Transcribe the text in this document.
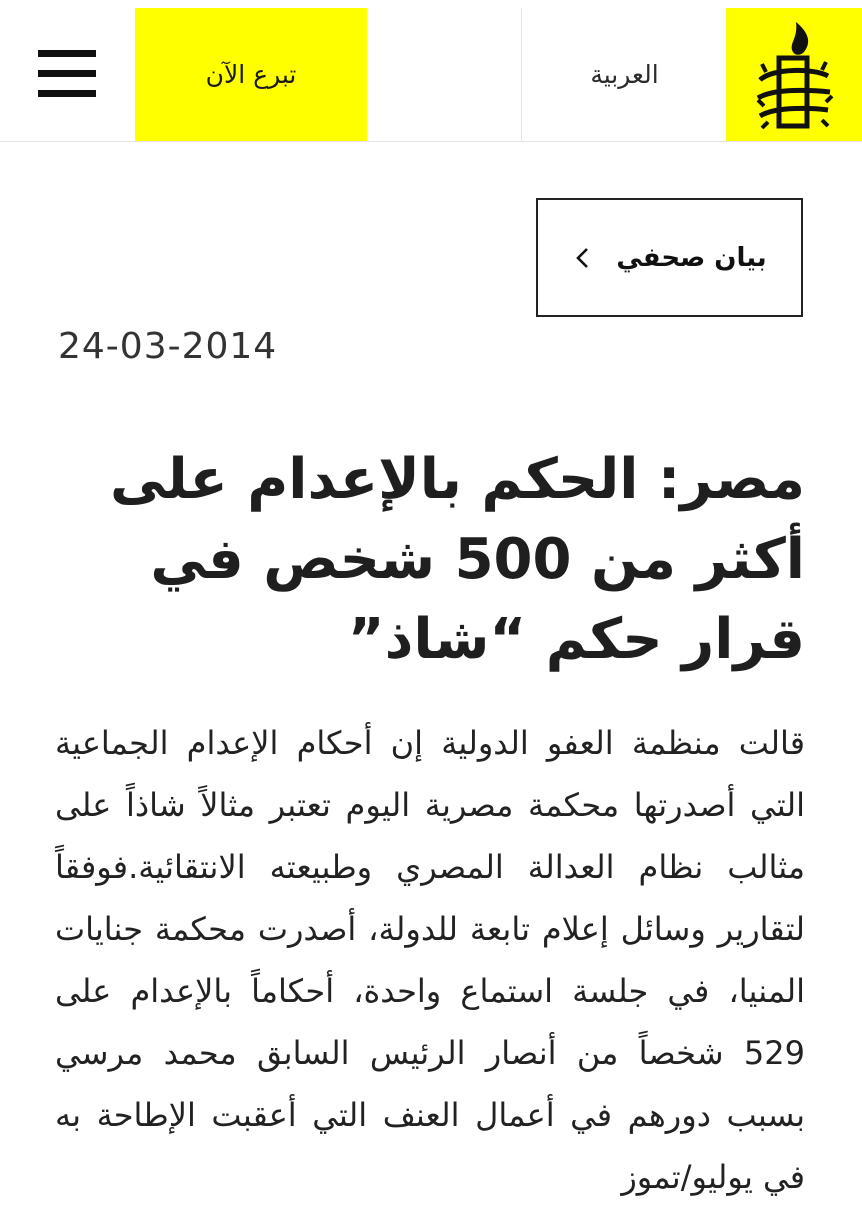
العربية
تبرع الآن
بيان صحفي
24-03-2014
مصر: الحكم بالإعدام على أكثر من 500 شخص في قرار حكم “شاذ”

قالت منظمة العفو الدولية إن أحكام الإعدام الجماعية التي أصدرتها محكمة مصرية اليوم تعتبر مثالاً شاذاً على مثالب نظام العدالة المصري وطبيعته الانتقائية.فوفقاً لتقارير وسائل إعلام تابعة للدولة، أصدرت محكمة جنايات المنيا، في جلسة استماع واحدة، أحكاماً بالإعدام على 529 شخصاً من أنصار الرئيس السابق محمد مرسي بسبب دورهم في أعمال العنف التي أعقبت الإطاحة به في يوليو/تموز
